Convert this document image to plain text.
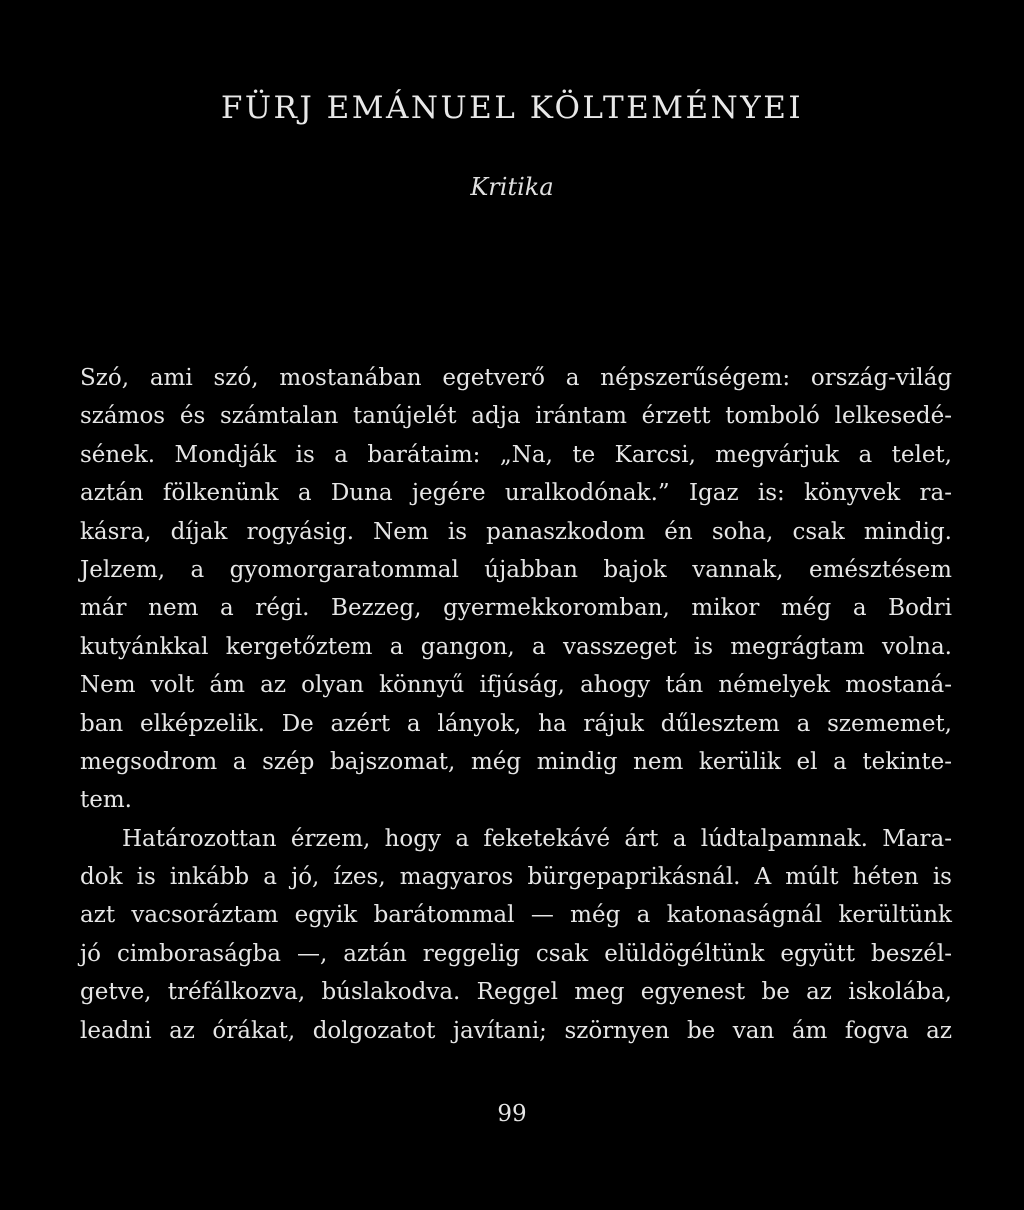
FÜRJ EMÁNUEL KÖLTEMÉNYEI
Kritika
Szó, ami szó, mostanában egetverő a népszerűségem: ország-világ
számos és számtalan tanújelét adja irántam érzett tomboló lelkesedé-
sének. Mondják is a barátaim: „Na, te Karcsi, megvárjuk a telet,
aztán fölkenünk a Duna jegére uralkodónak.” Igaz is: könyvek ra-
kásra, díjak rogyásig. Nem is panaszkodom én soha, csak mindig.
Jelzem, a gyomorgaratommal újabban bajok vannak, emésztésem
már nem a régi. Bezzeg, gyermekkoromban, mikor még a Bodri
kutyánkkal kergetőztem a gangon, a vasszeget is megrágtam volna.
Nem volt ám az olyan könnyű ifjúság, ahogy tán némelyek mostaná-
ban elképzelik. De azért a lányok, ha rájuk dűlesztem a szememet,
megsodrom a szép bajszomat, még mindig nem kerülik el a tekinte-
tem.
Határozottan érzem, hogy a feketekávé árt a lúdtalpamnak. Mara-
dok is inkább a jó, ízes, magyaros bürgepaprikásnál. A múlt héten is
azt vacsoráztam egyik barátommal — még a katonaságnál kerültünk
jó cimboraságba —, aztán reggelig csak elüldögéltünk együtt beszél-
getve, tréfálkozva, búslakodva. Reggel meg egyenest be az iskolába,
leadni az órákat, dolgozatot javítani; szörnyen be van ám fogva az
99
